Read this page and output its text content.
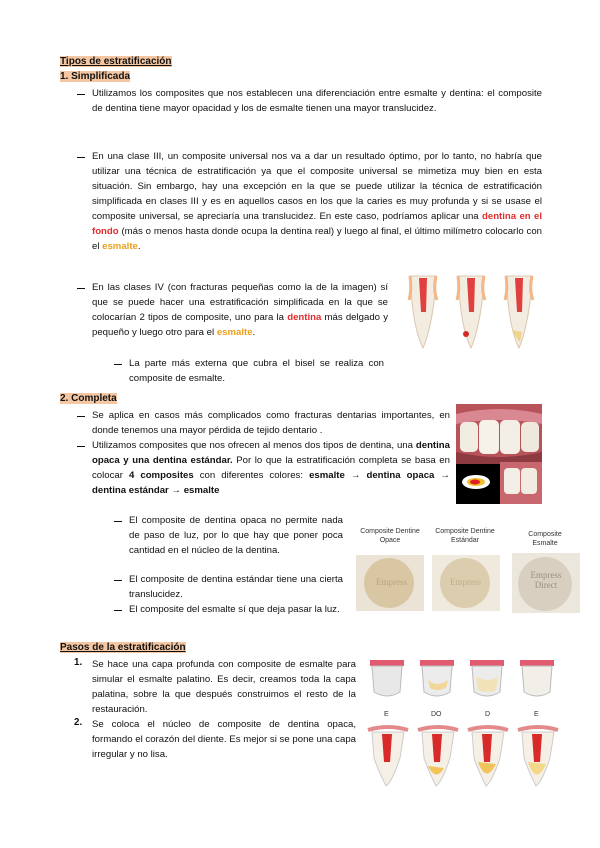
Tipos de estratificación
1. Simplificada
Utilizamos los composites que nos establecen una diferenciación entre esmalte y dentina: el composite de dentina tiene mayor opacidad y los de esmalte tienen una mayor translucidez.
En una clase III, un composite universal nos va a dar un resultado óptimo, por lo tanto, no habría que utilizar una técnica de estratificación ya que el composite universal se mimetiza muy bien en esta situación. Sin embargo, hay una excepción en la que se puede utilizar la técnica de estratificación simplificada en clases III y es en aquellos casos en los que la caries es muy profunda y si se usase el composite universal, se apreciaría una translucidez. En este caso, podríamos aplicar una dentina en el fondo (más o menos hasta donde ocupa la dentina real) y luego al final, el último milímetro colocarlo con el esmalte.
En las clases IV (con fracturas pequeñas como la de la imagen) sí que se puede hacer una estratificación simplificada en la que se colocarían 2 tipos de composite, uno para la dentina más delgado y pequeño y luego otro para el esmalte.
La parte más externa que cubra el bisel se realiza con composite de esmalte.
2. Completa
Se aplica en casos más complicados como fracturas dentarias importantes, en donde tenemos una mayor pérdida de tejido dentario .
Utilizamos composites que nos ofrecen al menos dos tipos de dentina, una dentina opaca y una dentina estándar. Por lo que la estratificación completa se basa en colocar 4 composites con diferentes colores: esmalte → dentina opaca → dentina estándar → esmalte
El composite de dentina opaca no permite nada de paso de luz, por lo que hay que poner poca cantidad en el núcleo de la dentina.
El composite de dentina estándar tiene una cierta translucidez.
El composite del esmalte sí que deja pasar la luz.
Composite Dentine Opace
Composite Dentine Estándar
Composite Esmalte
Empress	Empress
Empress Direct
Pasos de la estratificación
1. Se hace una capa profunda con composite de esmalte para simular el esmalte palatino. Es decir, creamos toda la capa palatina, sobre la que después construimos el resto de la restauración.
2. Se coloca el núcleo de composite de dentina opaca, formando el corazón del diente. Es mejor si se pone una capa irregular y no lisa.
E	DO	D	E
